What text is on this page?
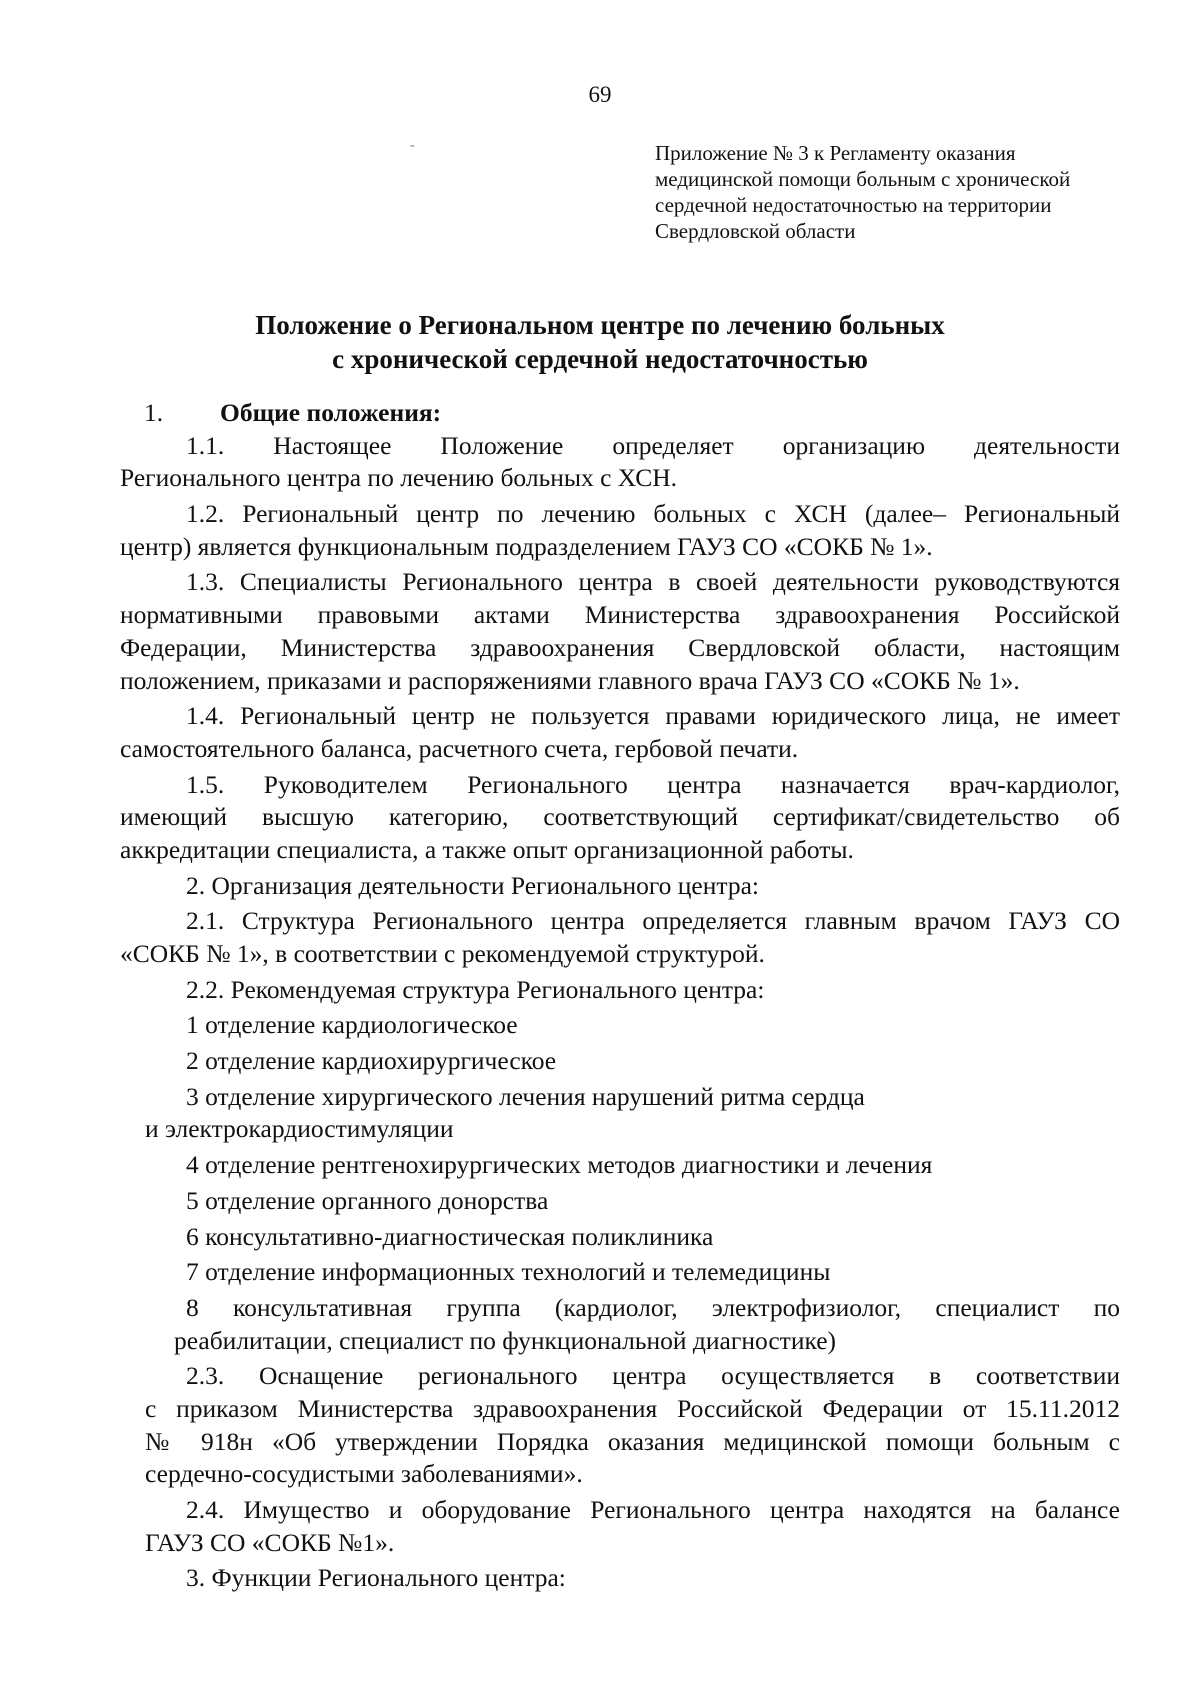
69
-	Приложение № 3 к Регламенту оказания
медицинской помощи больным с хронической
сердечной недостаточностью на территории
Свердловской области
Положение о Региональном центре по лечению больных
с хронической сердечной недостаточностью
1. Общие положения:
1.1. Настоящее Положение определяет организацию деятельности
Регионального центра по лечению больных с ХСН.
1.2. Региональный центр по лечению больных с ХСН (далее– Региональный
центр) является функциональным подразделением ГАУЗ СО «СОКБ № 1».
1.3. Специалисты Регионального центра в своей деятельности руководствуются
нормативными правовыми актами Министерства здравоохранения Российской
Федерации, Министерства здравоохранения Свердловской области, настоящим
положением, приказами и распоряжениями главного врача ГАУЗ СО «СОКБ № 1».
1.4. Региональный центр не пользуется правами юридического лица, не имеет
самостоятельного баланса, расчетного счета, гербовой печати.
1.5. Руководителем Регионального центра назначается врач-кардиолог,
имеющий высшую категорию, соответствующий сертификат/свидетельство об
аккредитации специалиста, а также опыт организационной работы.
2. Организация деятельности Регионального центра:
2.1. Структура Регионального центра определяется главным врачом ГАУЗ СО
«СОКБ № 1», в соответствии с рекомендуемой структурой.
2.2. Рекомендуемая структура Регионального центра:
1 отделение кардиологическое
2 отделение кардиохирургическое
3 отделение хирургического лечения нарушений ритма сердца
и электрокардиостимуляции
4 отделение рентгенохирургических методов диагностики и лечения
5 отделение органного донорства
6 консультативно-диагностическая поликлиника
7 отделение информационных технологий и телемедицины
8 консультативная группа (кардиолог, электрофизиолог, специалист по
реабилитации, специалист по функциональной диагностике)
2.3. Оснащение регионального центра осуществляется в соответствии
с приказом Министерства здравоохранения Российской Федерации от 15.11.2012
№ 918н «Об утверждении Порядка оказания медицинской помощи больным с
сердечно-сосудистыми заболеваниями».
2.4. Имущество и оборудование Регионального центра находятся на балансе
ГАУЗ СО «СОКБ №1».
3. Функции Регионального центра:
